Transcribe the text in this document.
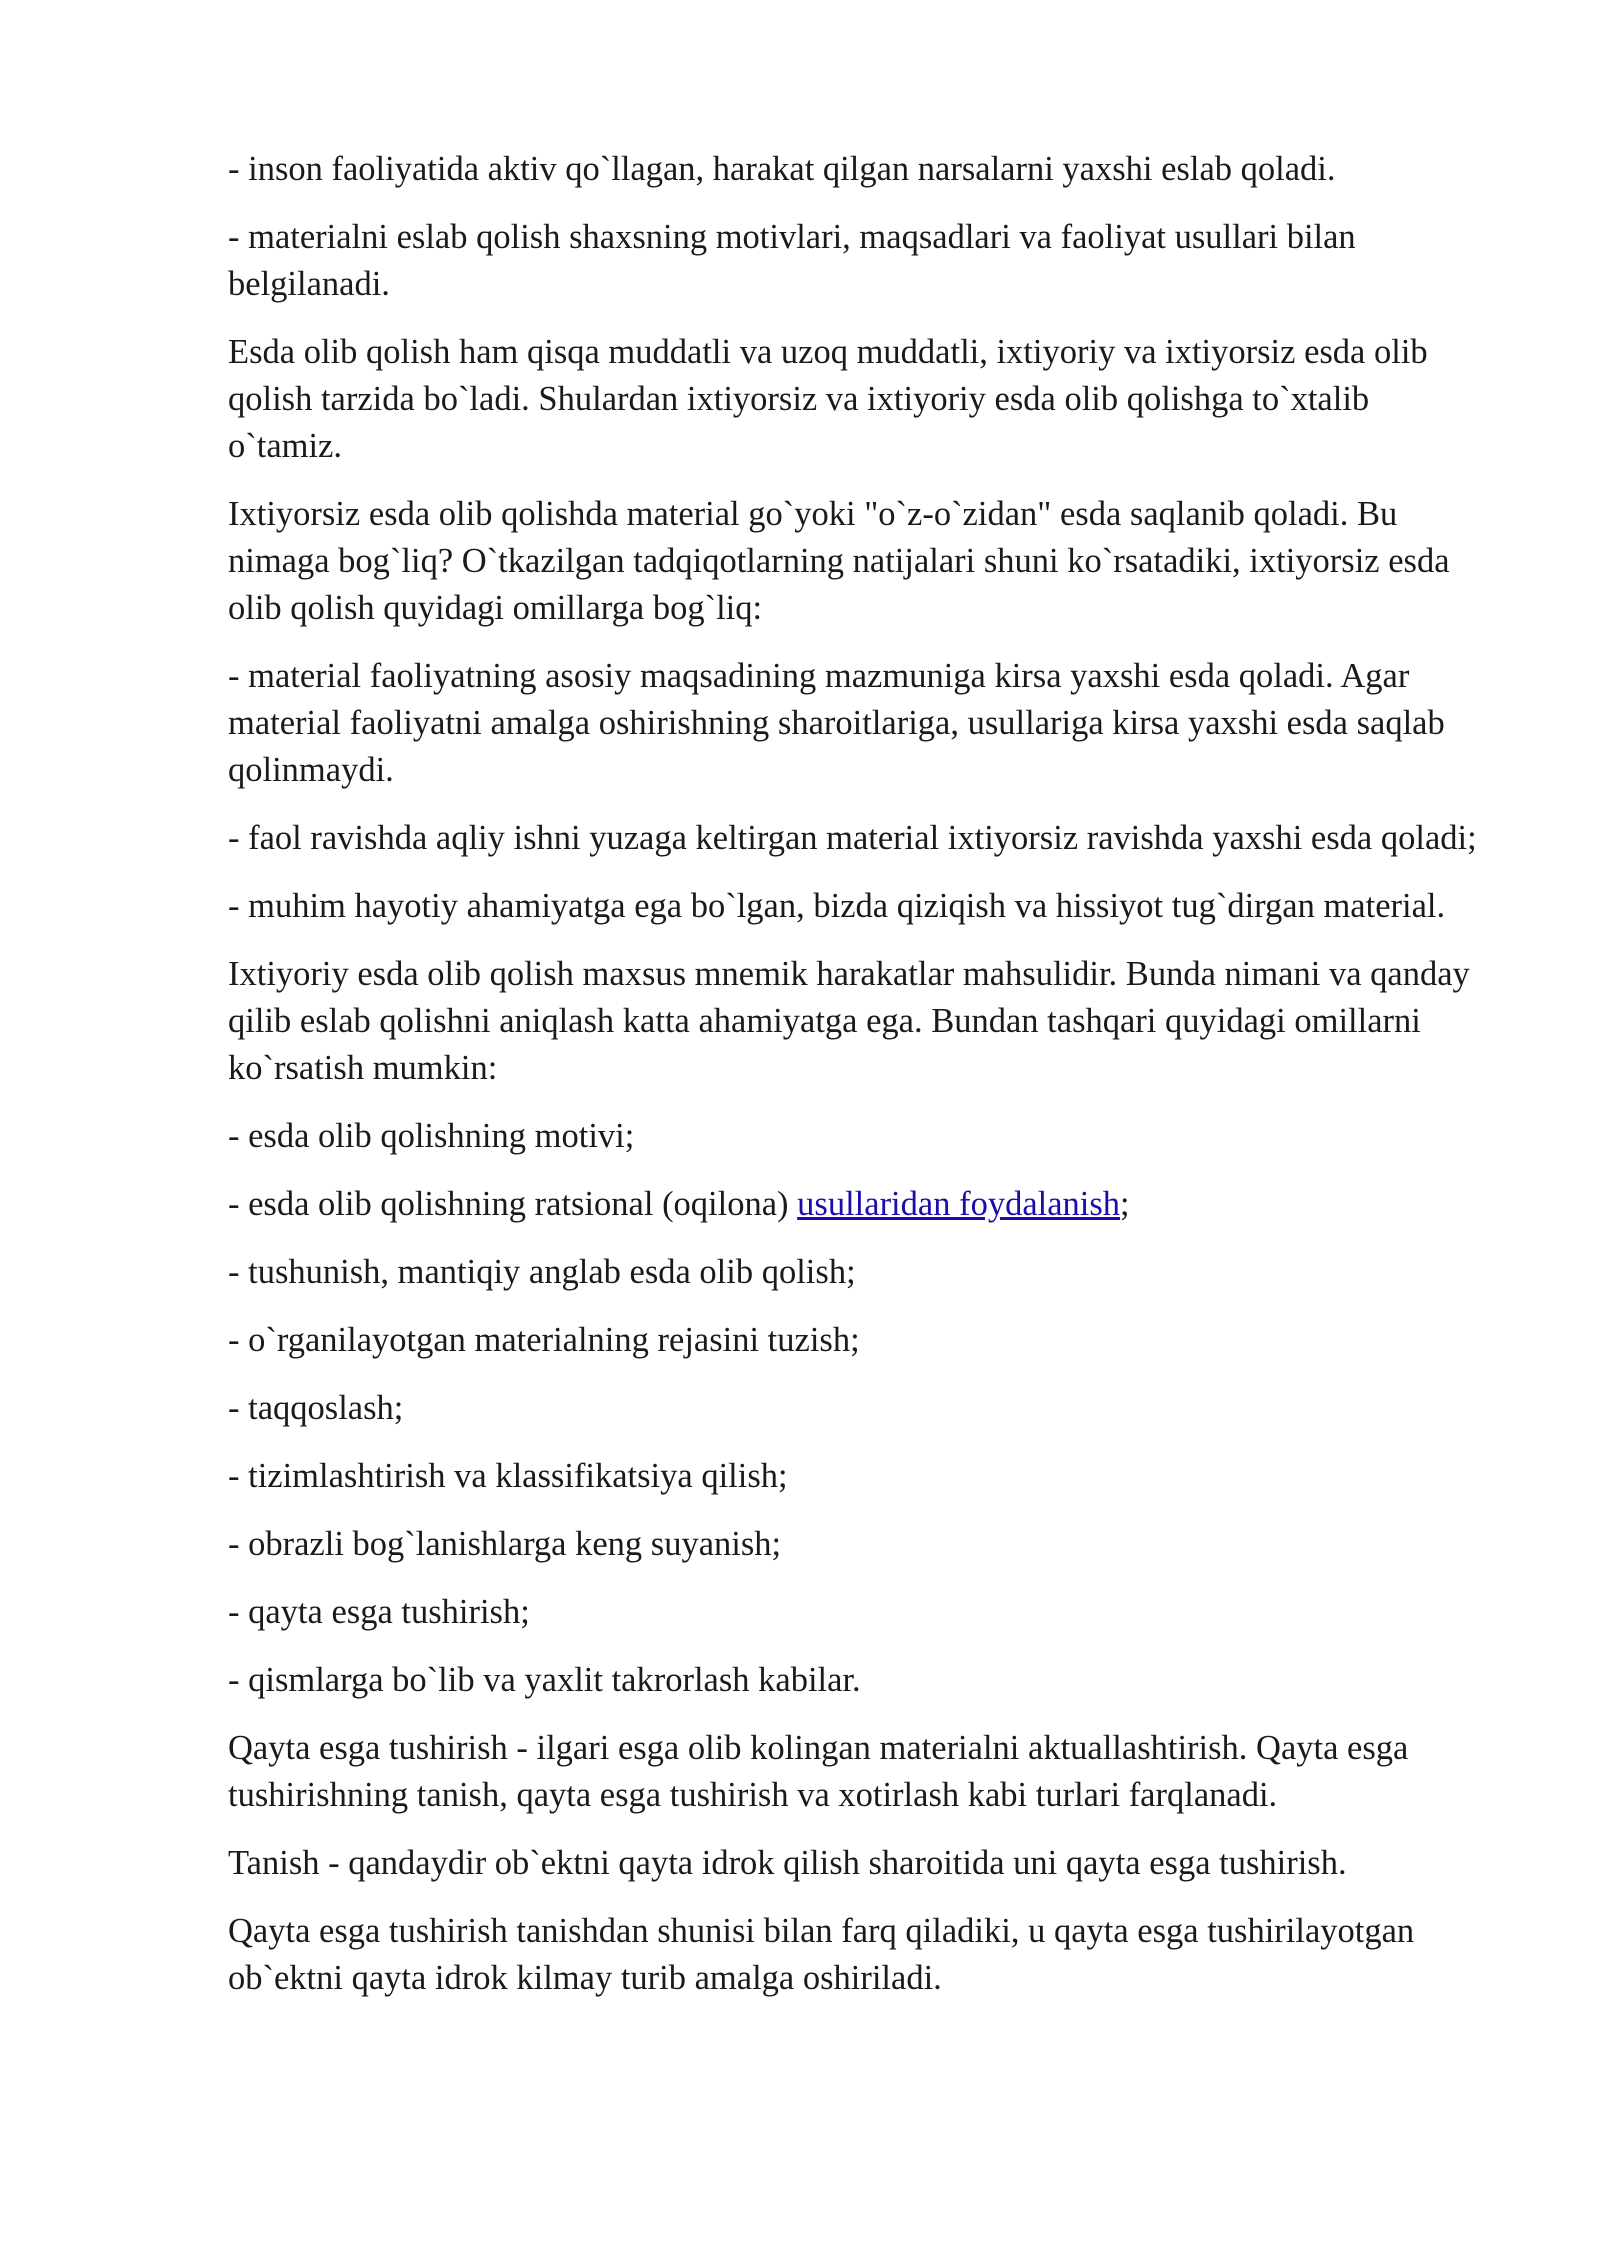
- inson faoliyatida aktiv qo`llagan, harakat qilgan narsalarni yaxshi eslab qoladi.

- materialni eslab qolish shaxsning motivlari, maqsadlari va faoliyat usullari bilan belgilanadi.

Esda olib qolish ham qisqa muddatli va uzoq muddatli, ixtiyoriy va ixtiyorsiz esda olib qolish tarzida bo`ladi. Shulardan ixtiyorsiz va ixtiyoriy esda olib qolishga to`xtalib o`tamiz.

Ixtiyorsiz esda olib qolishda material go`yoki "o`z-o`zidan" esda saqlanib qoladi. Bu nimaga bog`liq? O`tkazilgan tadqiqotlarning natijalari shuni ko`rsatadiki, ixtiyorsiz esda olib qolish quyidagi omillarga bog`liq:

- material faoliyatning asosiy maqsadining mazmuniga kirsa yaxshi esda qoladi. Agar material faoliyatni amalga oshirishning sharoitlariga, usullariga kirsa yaxshi esda saqlab qolinmaydi.

- faol ravishda aqliy ishni yuzaga keltirgan material ixtiyorsiz ravishda yaxshi esda qoladi;

- muhim hayotiy ahamiyatga ega bo`lgan, bizda qiziqish va hissiyot tug`dirgan material.

Ixtiyoriy esda olib qolish maxsus mnemik harakatlar mahsulidir. Bunda nimani va qanday qilib eslab qolishni aniqlash katta ahamiyatga ega. Bundan tashqari quyidagi omillarni ko`rsatish mumkin:

- esda olib qolishning motivi;

- esda olib qolishning ratsional (oqilona) usullaridan foydalanish;

- tushunish, mantiqiy anglab esda olib qolish;

- o`rganilayotgan materialning rejasini tuzish;

- taqqoslash;

- tizimlashtirish va klassifikatsiya qilish;

- obrazli bog`lanishlarga keng suyanish;

- qayta esga tushirish;

- qismlarga bo`lib va yaxlit takrorlash kabilar.

Qayta esga tushirish - ilgari esga olib kolingan materialni aktuallashtirish. Qayta esga tushirishning tanish, qayta esga tushirish va xotirlash kabi turlari farqlanadi.

Tanish - qandaydir ob`ektni qayta idrok qilish sharoitida uni qayta esga tushirish.

Qayta esga tushirish tanishdan shunisi bilan farq qiladiki, u qayta esga tushirilayotgan ob`ektni qayta idrok kilmay turib amalga oshiriladi.
